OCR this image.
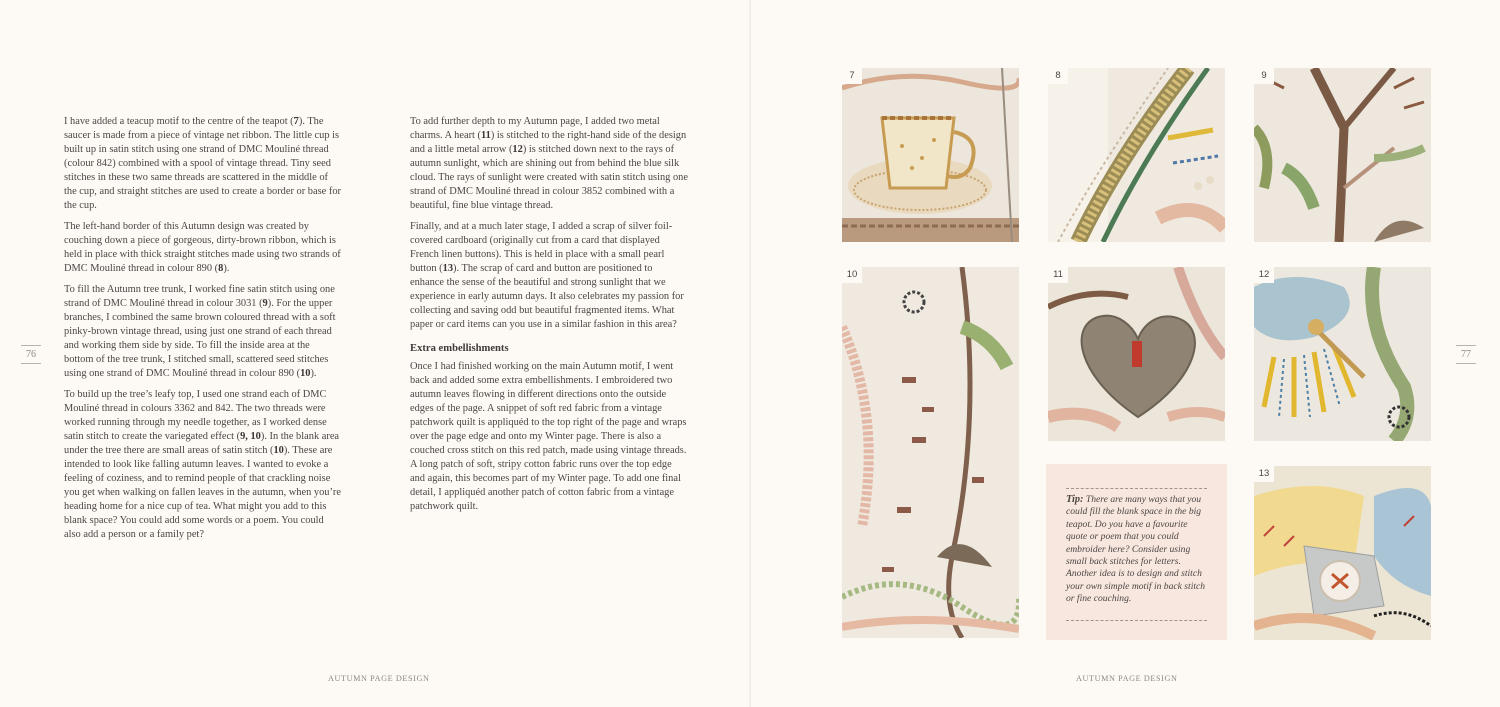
I have added a teacup motif to the centre of the teapot (7). The saucer is made from a piece of vintage net ribbon. The little cup is built up in satin stitch using one strand of DMC Mouliné thread (colour 842) combined with a spool of vintage thread. Tiny seed stitches in these two same threads are scattered in the middle of the cup, and straight stitches are used to create a border or base for the cup.

The left-hand border of this Autumn design was created by couching down a piece of gorgeous, dirty-brown ribbon, which is held in place with thick straight stitches made using two strands of DMC Mouliné thread in colour 890 (8).

To fill the Autumn tree trunk, I worked fine satin stitch using one strand of DMC Mouliné thread in colour 3031 (9). For the upper branches, I combined the same brown coloured thread with a soft pinky-brown vintage thread, using just one strand of each thread and working them side by side. To fill the inside area at the bottom of the tree trunk, I stitched small, scattered seed stitches using one strand of DMC Mouliné thread in colour 890 (10).

To build up the tree’s leafy top, I used one strand each of DMC Mouliné thread in colours 3362 and 842. The two threads were worked running through my needle together, as I worked dense satin stitch to create the variegated effect (9, 10). In the blank area under the tree there are small areas of satin stitch (10). These are intended to look like falling autumn leaves. I wanted to evoke a feeling of coziness, and to remind people of that crackling noise you get when walking on fallen leaves in the autumn, when you’re heading home for a nice cup of tea. What might you add to this blank space? You could add some words or a poem. You could also add a person or a family pet?

To add further depth to my Autumn page, I added two metal charms. A heart (11) is stitched to the right-hand side of the design and a little metal arrow (12) is stitched down next to the rays of autumn sunlight, which are shining out from behind the blue silk cloud. The rays of sunlight were created with satin stitch using one strand of DMC Mouliné thread in colour 3852 combined with a beautiful, fine blue vintage thread.

Finally, and at a much later stage, I added a scrap of silver foil-covered cardboard (originally cut from a card that displayed French linen buttons). This is held in place with a small pearl button (13). The scrap of card and button are positioned to enhance the sense of the beautiful and strong sunlight that we experience in early autumn days. It also celebrates my passion for collecting and saving odd but beautiful fragmented items. What paper or card items can you use in a similar fashion in this area?

Extra embellishments

Once I had finished working on the main Autumn motif, I went back and added some extra embellishments. I embroidered two autumn leaves flowing in different directions onto the outside edges of the page. A snippet of soft red fabric from a vintage patchwork quilt is appliquéd to the top right of the page and wraps over the page edge and onto my Winter page. There is also a couched cross stitch on this red patch, made using vintage threads. A long patch of soft, stripy cotton fabric runs over the top edge and again, this becomes part of my Winter page. To add one final detail, I appliquéd another patch of cotton fabric from a vintage patchwork quilt.

76	77
AUTUMN PAGE DESIGN	AUTUMN PAGE DESIGN
7	8	9
10	11	12
Tip: There are many ways that you could fill the blank space in the big teapot. Do you have a favourite quote or poem that you could embroider here? Consider using small back stitches for letters. Another idea is to design and stitch your own simple motif in back stitch or fine couching.
13
